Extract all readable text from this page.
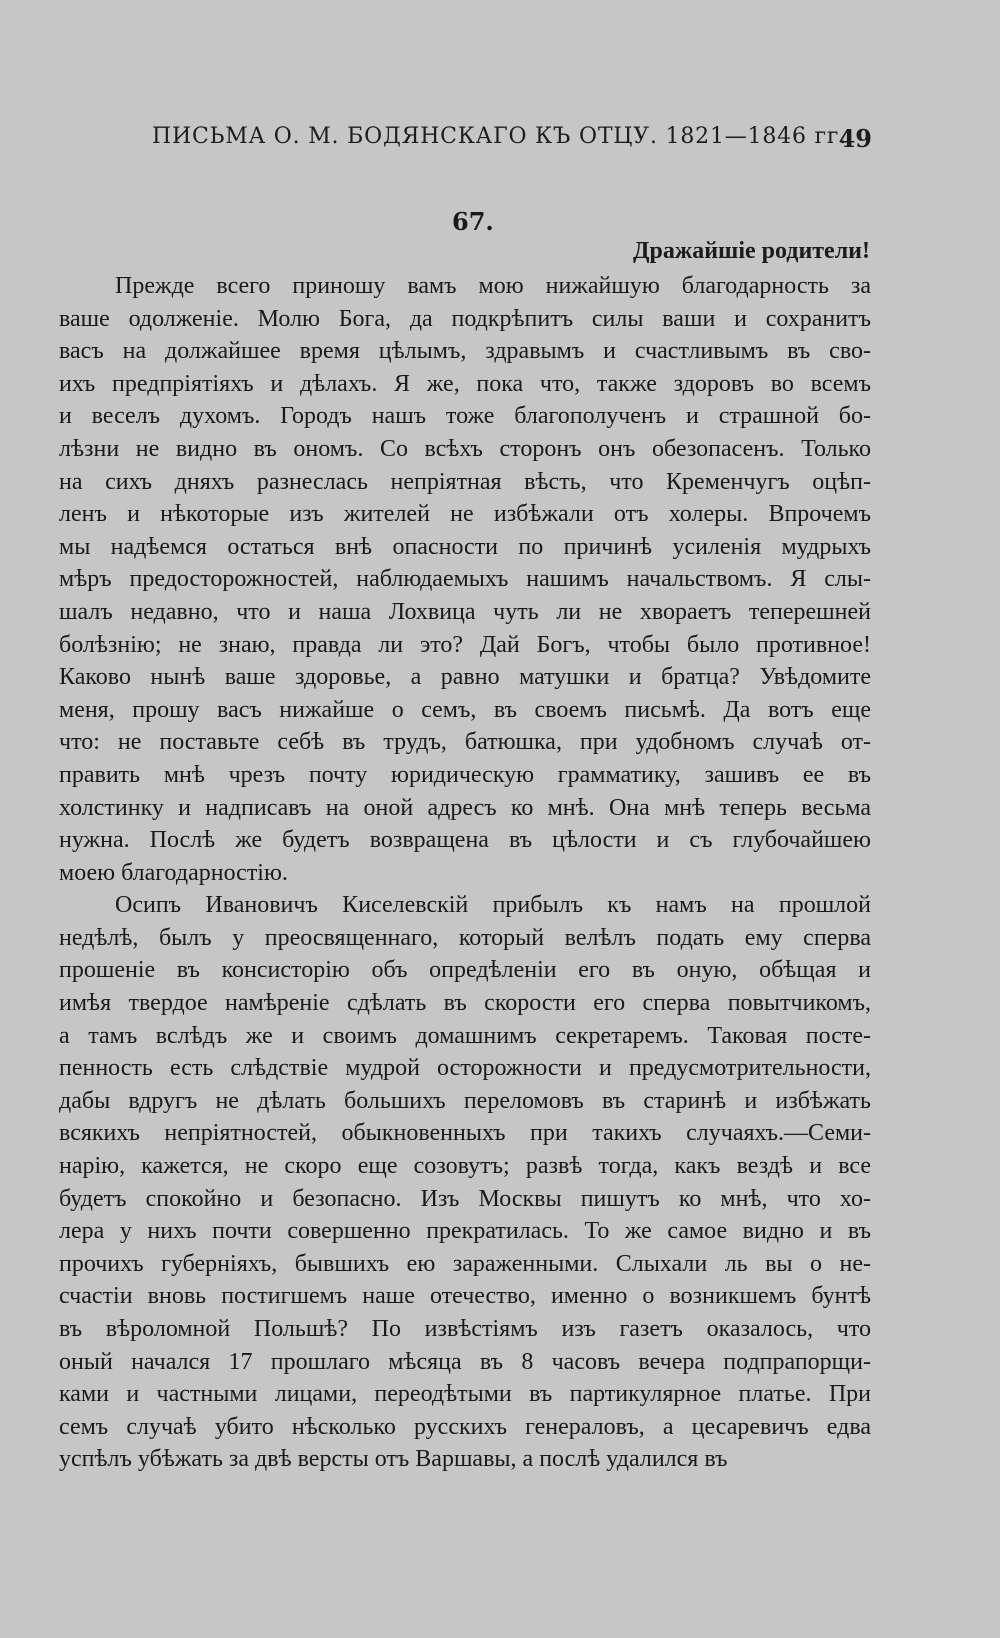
ПИСЬМА О. М. БОДЯНСКАГО КЪ ОТЦУ. 1821—1846 гг.
49
67.
Дражайшіе родители!
Прежде всего приношу вамъ мою нижайшую благодарность за
ваше одолженіе. Молю Бога, да подкрѣпитъ силы ваши и сохранитъ
васъ на должайшее время цѣлымъ, здравымъ и счастливымъ въ сво-
ихъ предпріятіяхъ и дѣлахъ. Я же, пока что, также здоровъ во всемъ
и веселъ духомъ. Городъ нашъ тоже благополученъ и страшной бо-
лѣзни не видно въ ономъ. Со всѣхъ сторонъ онъ обезопасенъ. Только
на сихъ дняхъ разнеслась непріятная вѣсть, что Кременчугъ оцѣп-
ленъ и нѣкоторые изъ жителей не избѣжали отъ холеры. Впрочемъ
мы надѣемся остаться внѣ опасности по причинѣ усиленія мудрыхъ
мѣръ предосторожностей, наблюдаемыхъ нашимъ начальствомъ. Я слы-
шалъ недавно, что и наша Лохвица чуть ли не хвораетъ теперешней
болѣзнію; не знаю, правда ли это? Дай Богъ, чтобы было противное!
Каково нынѣ ваше здоровье, а равно матушки и братца? Увѣдомите
меня, прошу васъ нижайше о семъ, въ своемъ письмѣ. Да вотъ еще
что: не поставьте себѣ въ трудъ, батюшка, при удобномъ случаѣ от-
править мнѣ чрезъ почту юридическую грамматику, зашивъ ее въ
холстинку и надписавъ на оной адресъ ко мнѣ. Она мнѣ теперь весьма
нужна. Послѣ же будетъ возвращена въ цѣлости и съ глубочайшею
моею благодарностію.
Осипъ Ивановичъ Киселевскій прибылъ къ намъ на прошлой
недѣлѣ, былъ у преосвященнаго, который велѣлъ подать ему сперва
прошеніе въ консисторію объ опредѣленіи его въ оную, обѣщая и
имѣя твердое намѣреніе сдѣлать въ скорости его сперва повытчикомъ,
а тамъ вслѣдъ же и своимъ домашнимъ секретаремъ. Таковая посте-
пенность есть слѣдствіе мудрой осторожности и предусмотрительности,
дабы вдругъ не дѣлать большихъ переломовъ въ старинѣ и избѣжать
всякихъ непріятностей, обыкновенныхъ при такихъ случаяхъ.—Семи-
нарію, кажется, не скоро еще созовутъ; развѣ тогда, какъ вездѣ и все
будетъ спокойно и безопасно. Изъ Москвы пишутъ ко мнѣ, что хо-
лера у нихъ почти совершенно прекратилась. То же самое видно и въ
прочихъ губерніяхъ, бывшихъ ею зараженными. Слыхали ль вы о не-
счастіи вновь постигшемъ наше отечество, именно о возникшемъ бунтѣ
въ вѣроломной Польшѣ? По извѣстіямъ изъ газетъ оказалось, что
оный начался 17 прошлаго мѣсяца въ 8 часовъ вечера подпрапорщи-
ками и частными лицами, переодѣтыми въ партикулярное платье. При
семъ случаѣ убито нѣсколько русскихъ генераловъ, а цесаревичъ едва
успѣлъ убѣжать за двѣ версты отъ Варшавы, а послѣ удалился въ
